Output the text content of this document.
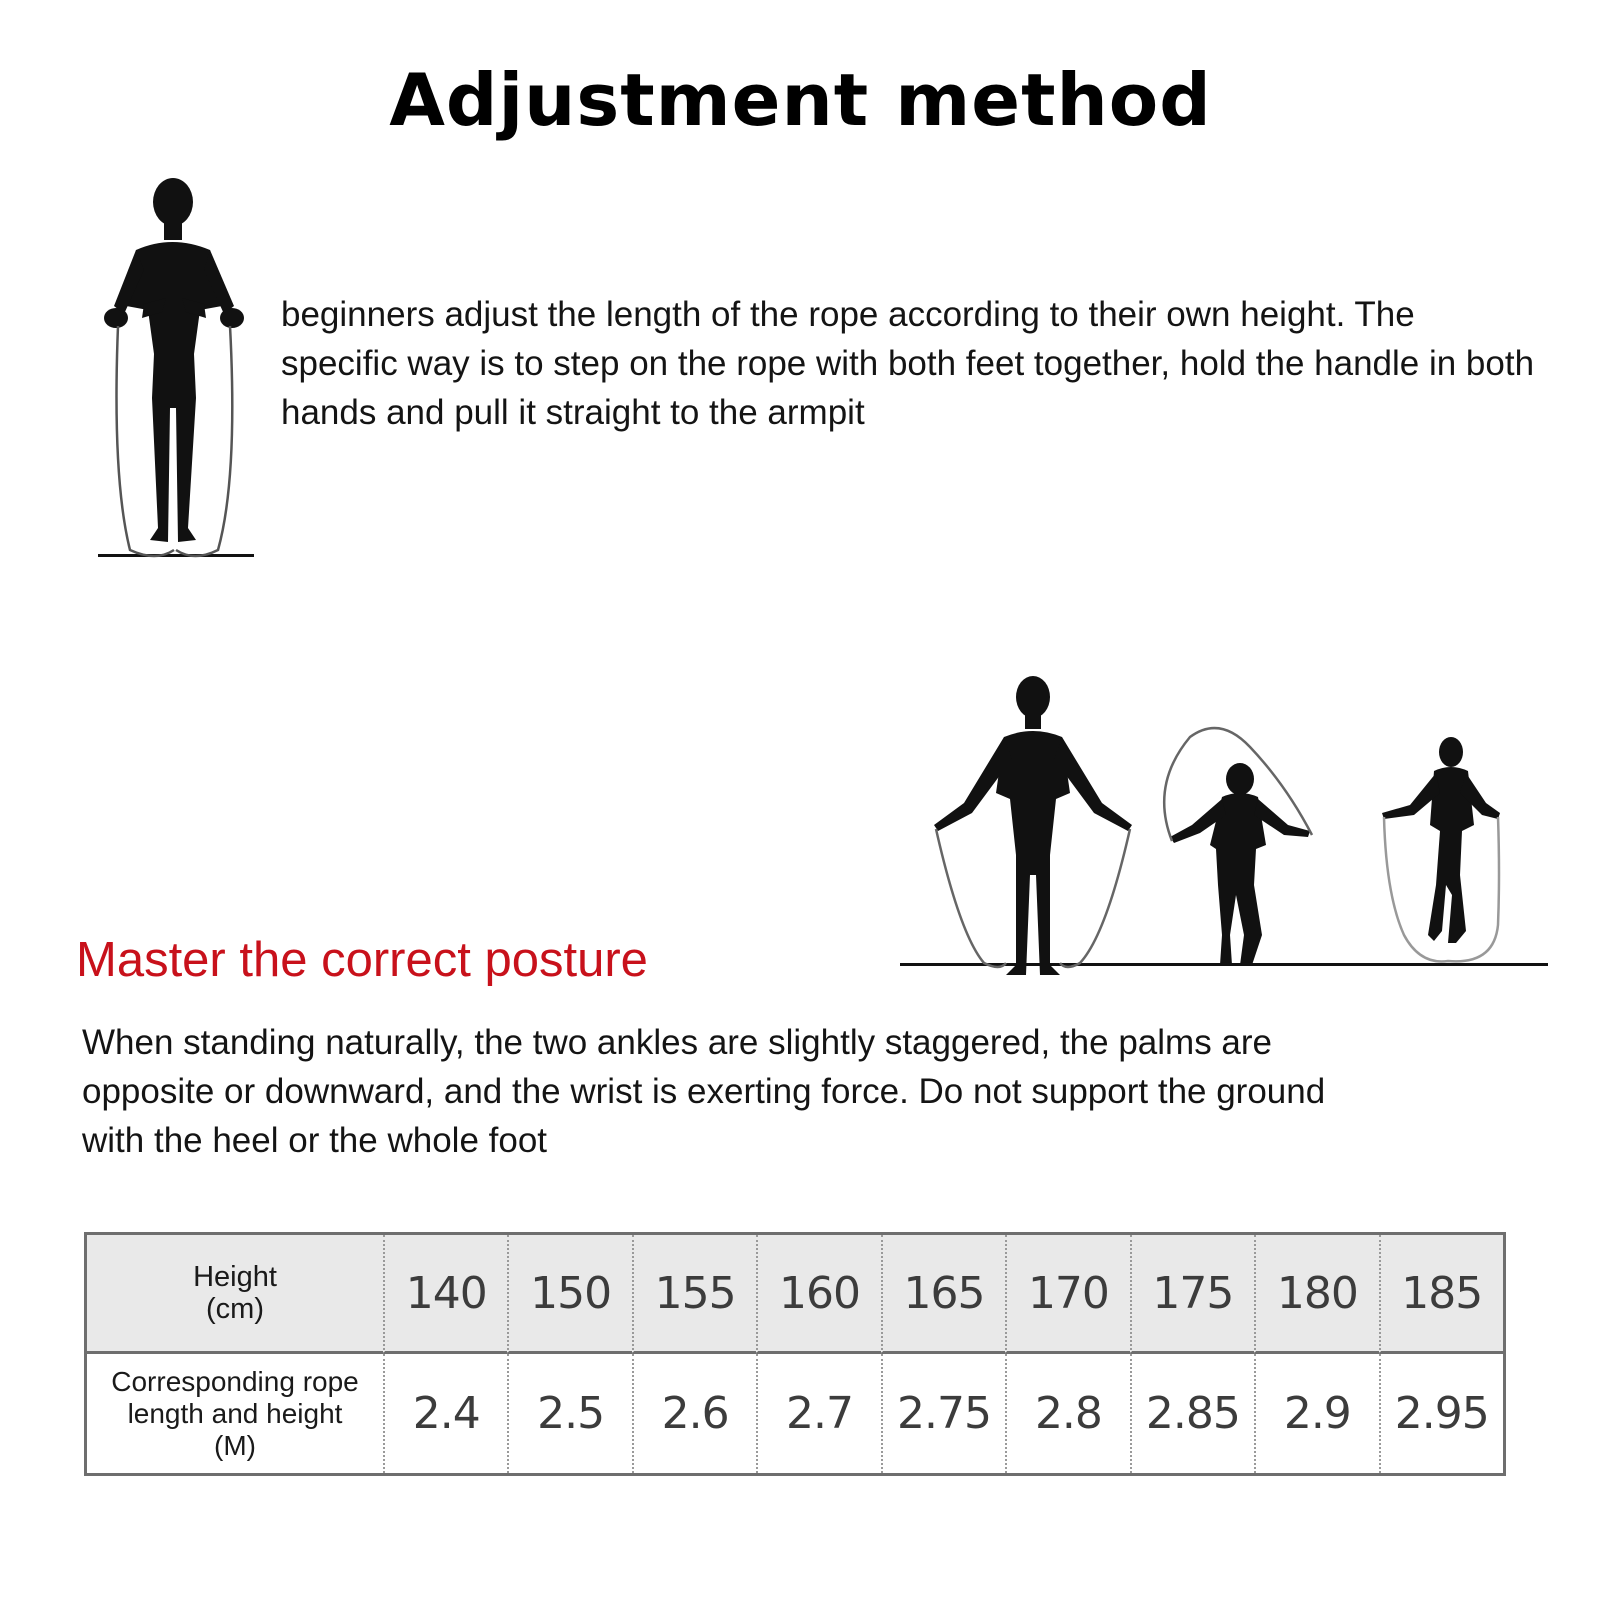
Adjustment method

beginners adjust the length of the rope according to their own height. The specific way is to step on the rope with both feet together, hold the handle in both hands and pull it straight to the armpit

Master the correct posture

When standing naturally, the two ankles are slightly staggered, the palms are opposite or downward, and the wrist is exerting force. Do not support the ground with the heel or the whole foot

Height
(cm)	140 150 155 160 165 170 175 180 185
Corresponding rope
length and height
(M)
2.4	2.5	2.6	2.7 2.75 2.8 2.85 2.9 2.95
